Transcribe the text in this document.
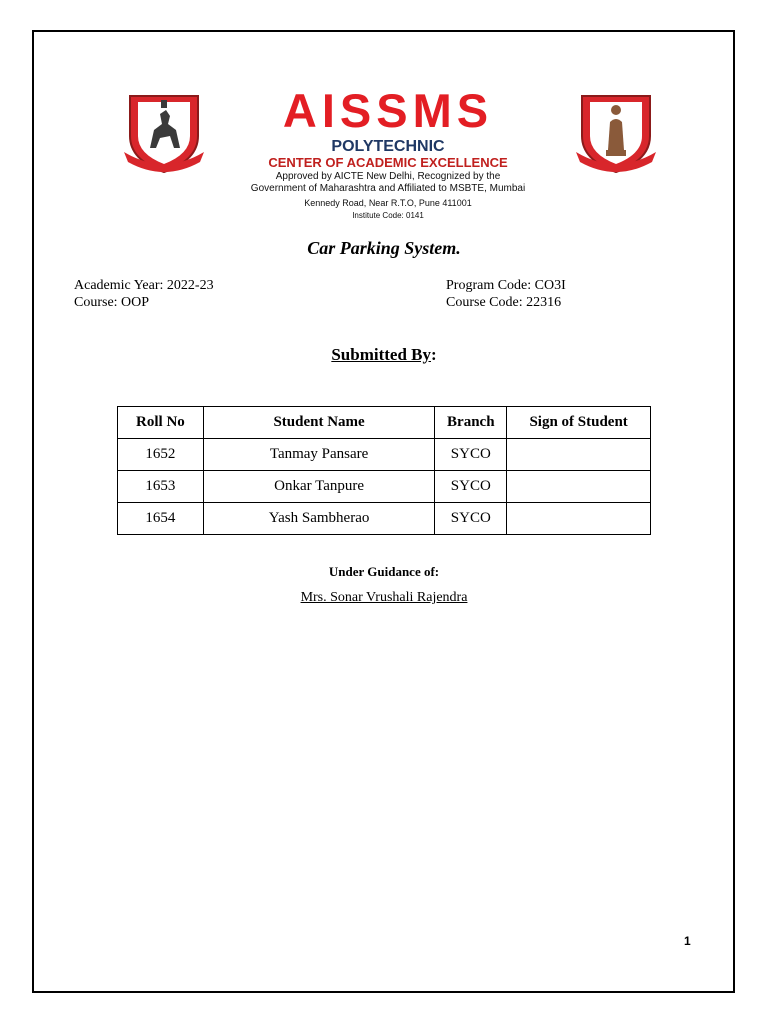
AISSMS
POLYTECHNIC
CENTER OF ACADEMIC EXCELLENCE
Approved by AICTE New Delhi, Recognized by the
Government of Maharashtra and Affiliated to MSBTE, Mumbai
Kennedy Road, Near R.T.O, Pune 411001
Institute Code: 0141
Car Parking System.
Academic Year: 2022-23
Course: OOP
Program Code: CO3I
Course Code: 22316
Submitted By:
Roll No	Student Name	Branch	Sign of Student
1652	Tanmay Pansare	SYCO	
1653	Onkar Tanpure	SYCO	
1654	Yash Sambherao	SYCO	
Under Guidance of:
Mrs. Sonar Vrushali Rajendra
1
